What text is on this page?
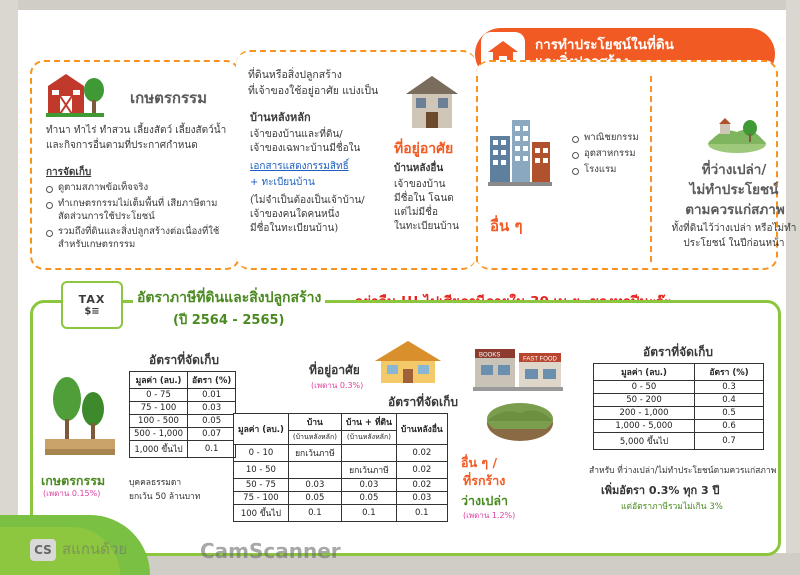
การทำประโยชน์ในที่ดิน
เกษตรกรรม
ทำนา ทำไร่ ทำสวน เลี้ยงสัตว์ เลี้ยงสัตว์น้ำ และกิจการอื่นตามที่ประกาศกำหนด
การจัดเก็บ
ดูตามสภาพข้อเท็จจริง
ทำเกษตรกรรมไม่เต็มพื้นที่ เสียภาษีตามสัดส่วนการใช้ประโยชน์
รวมถึงที่ดินและสิ่งปลูกสร้างต่อเนื่องที่ใช้สำหรับเกษตรกรรม
ที่ดินหรือสิ่งปลูกสร้าง
ที่เจ้าของใช้อยู่อาศัย แบ่งเป็น
บ้านหลังหลัก
เจ้าของบ้านและที่ดิน/
เจ้าของเฉพาะบ้านมีชื่อใน
เอกสารแสดงกรรมสิทธิ์
+ ทะเบียนบ้าน
(ไม่จำเป็นต้องเป็นเจ้าบ้าน/
เจ้าของคนใดคนหนึ่ง
มีชื่อในทะเบียนบ้าน)
ที่อยู่อาศัย
บ้านหลังอื่น
เจ้าของบ้าน
มีชื่อใน โฉนด
แต่ไม่มีชื่อ
ในทะเบียนบ้าน
พาณิชยกรรม
อุตสาหกรรม
โรงแรม
อื่น ๆ
ที่ว่างเปล่า/
ไม่ทำประโยชน์
ตามควรแก่สภาพ
ทั้งที่ดินไว้ว่างเปล่า หรือไม่ทำประโยชน์ ในปีก่อนหน้า
TAX
$≡
อัตราภาษีที่ดินและสิ่งปลูกสร้าง
(ปี 2564 - 2565)
อัตราที่จัดเก็บ
มูลค่า (ลบ.)	อัตรา (%)
0 - 75	0.01
75 - 100	0.03
100 - 500	0.05
500 - 1,000	0.07
1,000 ขึ้นไป	0.1
เกษตรกรรม
(เพดาน 0.15%)
บุคคลธรรมดา
ยกเว้น 50 ล้านบาท
ที่อยู่อาศัย
(เพดาน 0.3%)
อัตราที่จัดเก็บ
มูลค่า (ลบ.)	บ้าน	บ้าน + ที่ดิน	บ้านหลังอื่น
	(บ้านหลังหลัก)	(บ้านหลังหลัก)	
0 - 10	ยกเว้นภาษี		0.02
10 - 50		ยกเว้นภาษี	0.02
50 - 75	0.03	0.03	0.02
75 - 100	0.05	0.05	0.03
100 ขึ้นไป	0.1	0.1	0.1
BOOKS
FAST FOOD
อื่น ๆ /
ที่รกร้าง
ว่างเปล่า
(เพดาน 1.2%)
อัตราที่จัดเก็บ
มูลค่า (ลบ.)	อัตรา (%)
0 - 50	0.3
50 - 200	0.4
200 - 1,000	0.5
1,000 - 5,000	0.6
5,000 ขึ้นไป	0.7
สำหรับ ที่ว่างเปล่า/ไม่ทำประโยชน์ตามควรแก่สภาพ
เพิ่มอัตรา 0.3% ทุก 3 ปี
แต่อัตราภาษีรวมไม่เกิน 3%
CS สแกนด้วย	CamScanner
